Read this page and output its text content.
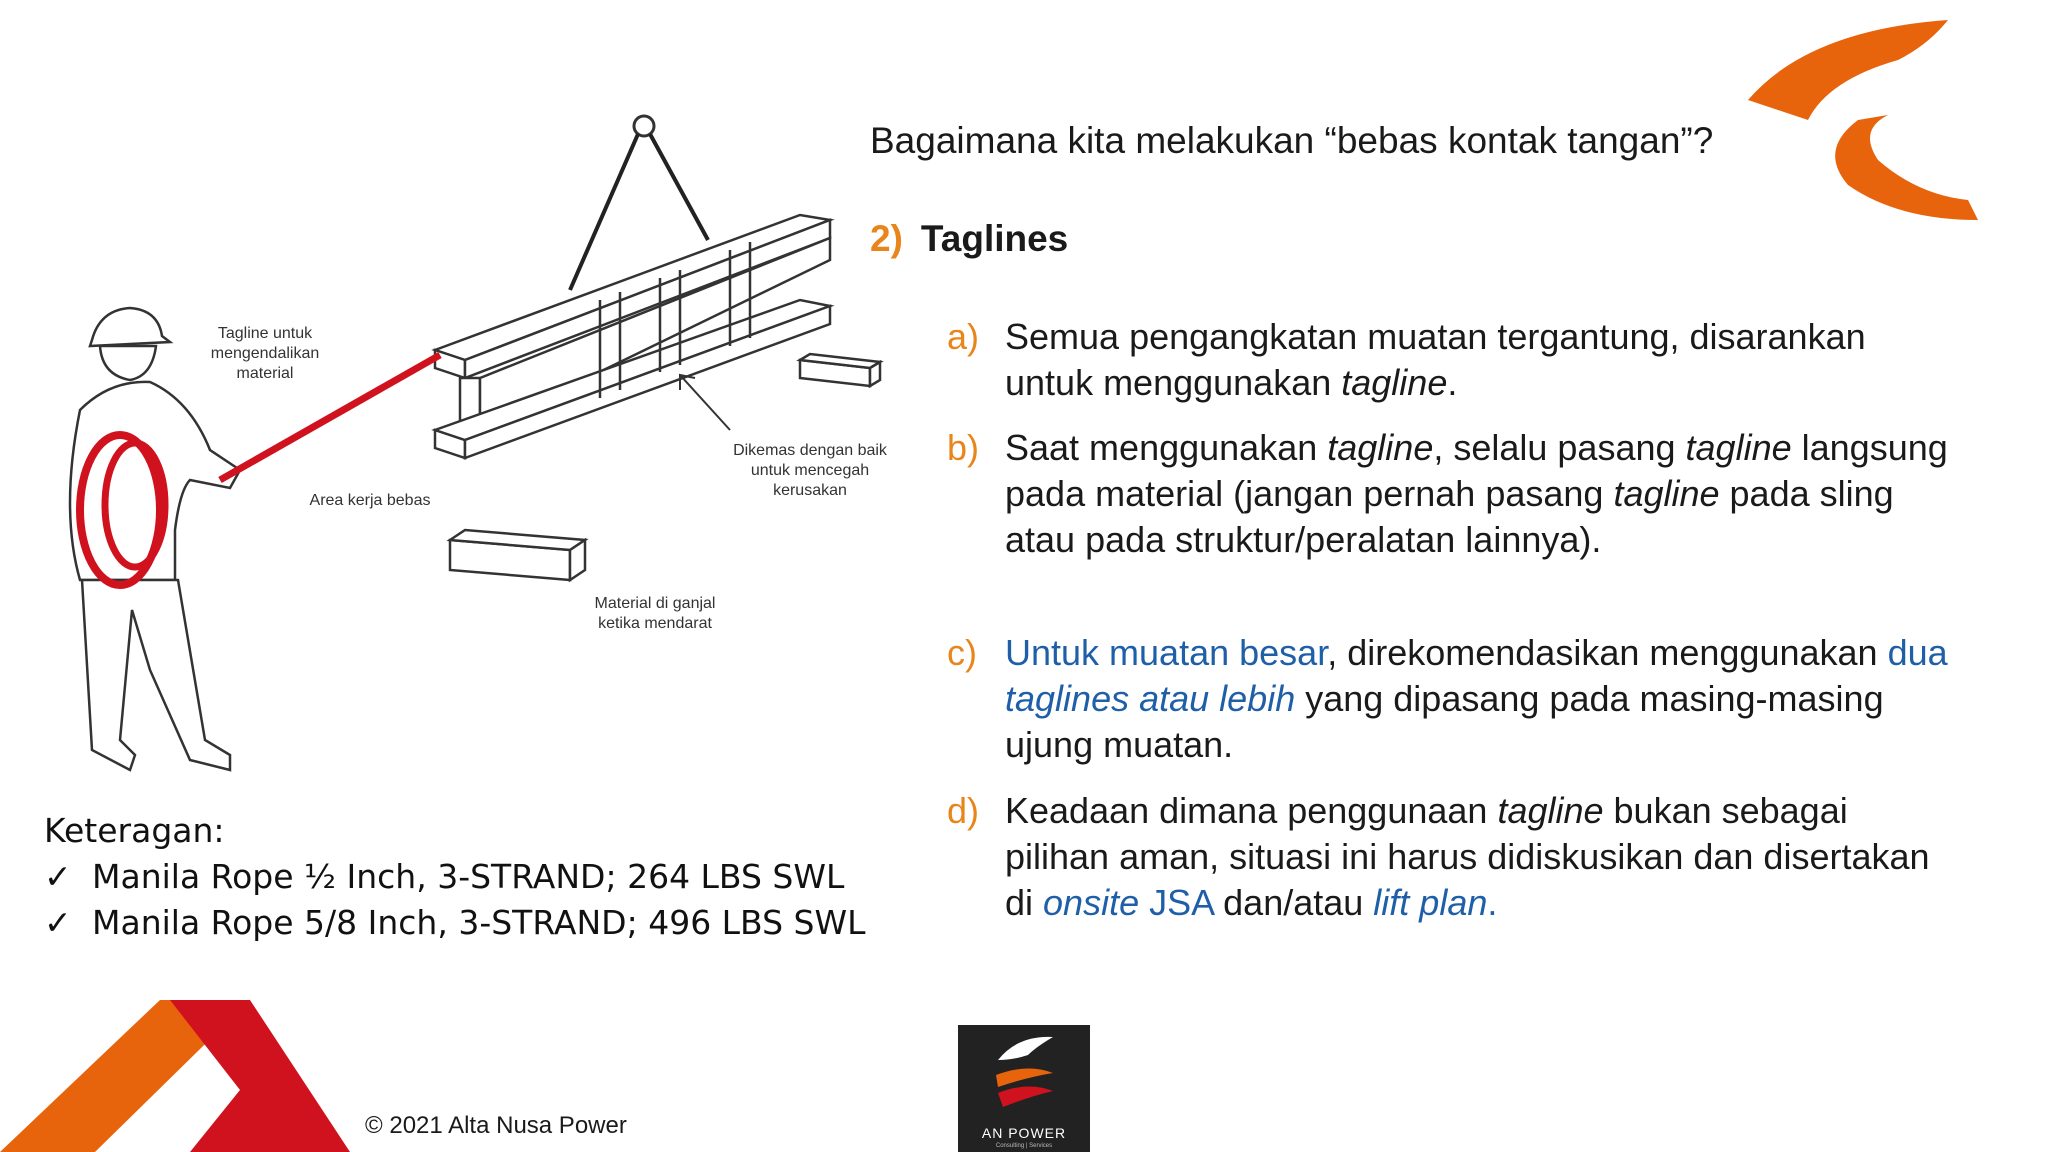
Tagline untuk
mengendalikan
material
Area kerja bebas
Dikemas dengan baik
untuk mencegah
kerusakan
Material di ganjal
ketika mendarat
Bagaimana kita melakukan “bebas kontak tangan”?
2) Taglines
a) Semua pengangkatan muatan tergantung, disarankan untuk menggunakan tagline.
b) Saat menggunakan tagline, selalu pasang tagline langsung pada material (jangan pernah pasang tagline pada sling atau pada struktur/peralatan lainnya).
c) Untuk muatan besar, direkomendasikan menggunakan dua taglines atau lebih yang dipasang pada masing-masing ujung muatan.
d) Keadaan dimana penggunaan tagline bukan sebagai pilihan aman, situasi ini harus didiskusikan dan disertakan di onsite JSA dan/atau lift plan.
Keteragan:
✓ Manila Rope ½ Inch, 3-STRAND; 264 LBS SWL
✓ Manila Rope 5/8 Inch, 3-STRAND; 496 LBS SWL
© 2021 Alta Nusa Power	AN POWER
Consulting | Services
